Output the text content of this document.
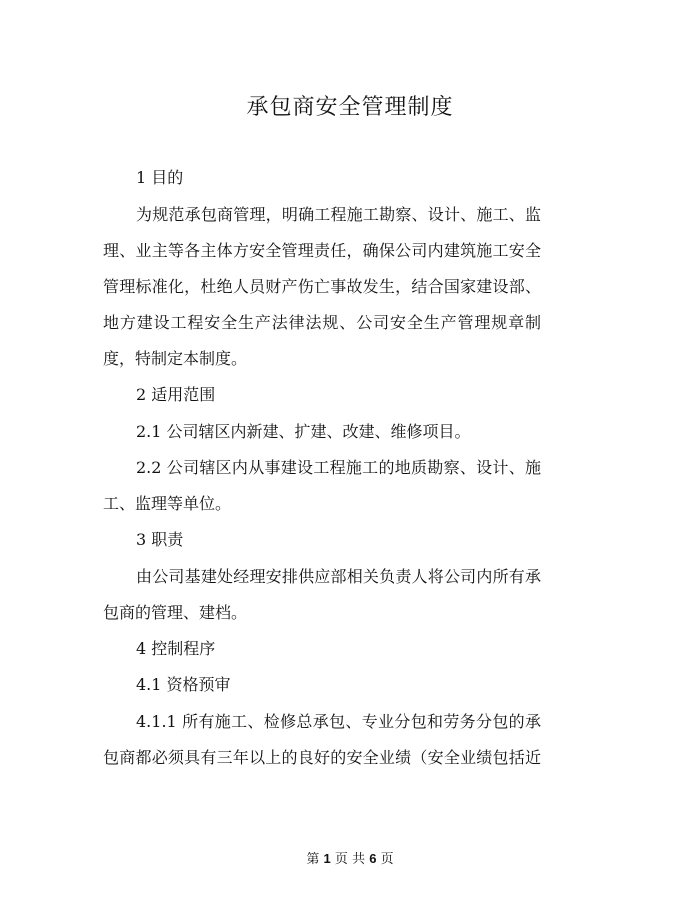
承包商安全管理制度
1 目的
为规范承包商管理，明确工程施工勘察、设计、施工、监
理、业主等各主体方安全管理责任，确保公司内建筑施工安全
管理标准化，杜绝人员财产伤亡事故发生，结合国家建设部、
地方建设工程安全生产法律法规、公司安全生产管理规章制
度，特制定本制度。
2 适用范围
2.1 公司辖区内新建、扩建、改建、维修项目。
2.2 公司辖区内从事建设工程施工的地质勘察、设计、施
工、监理等单位。
3 职责
由公司基建处经理安排供应部相关负责人将公司内所有承
包商的管理、建档。
4 控制程序
4.1 资格预审
4.1.1 所有施工、检修总承包、专业分包和劳务分包的承
包商都必须具有三年以上的良好的安全业绩（安全业绩包括近
第 1 页 共 6 页
